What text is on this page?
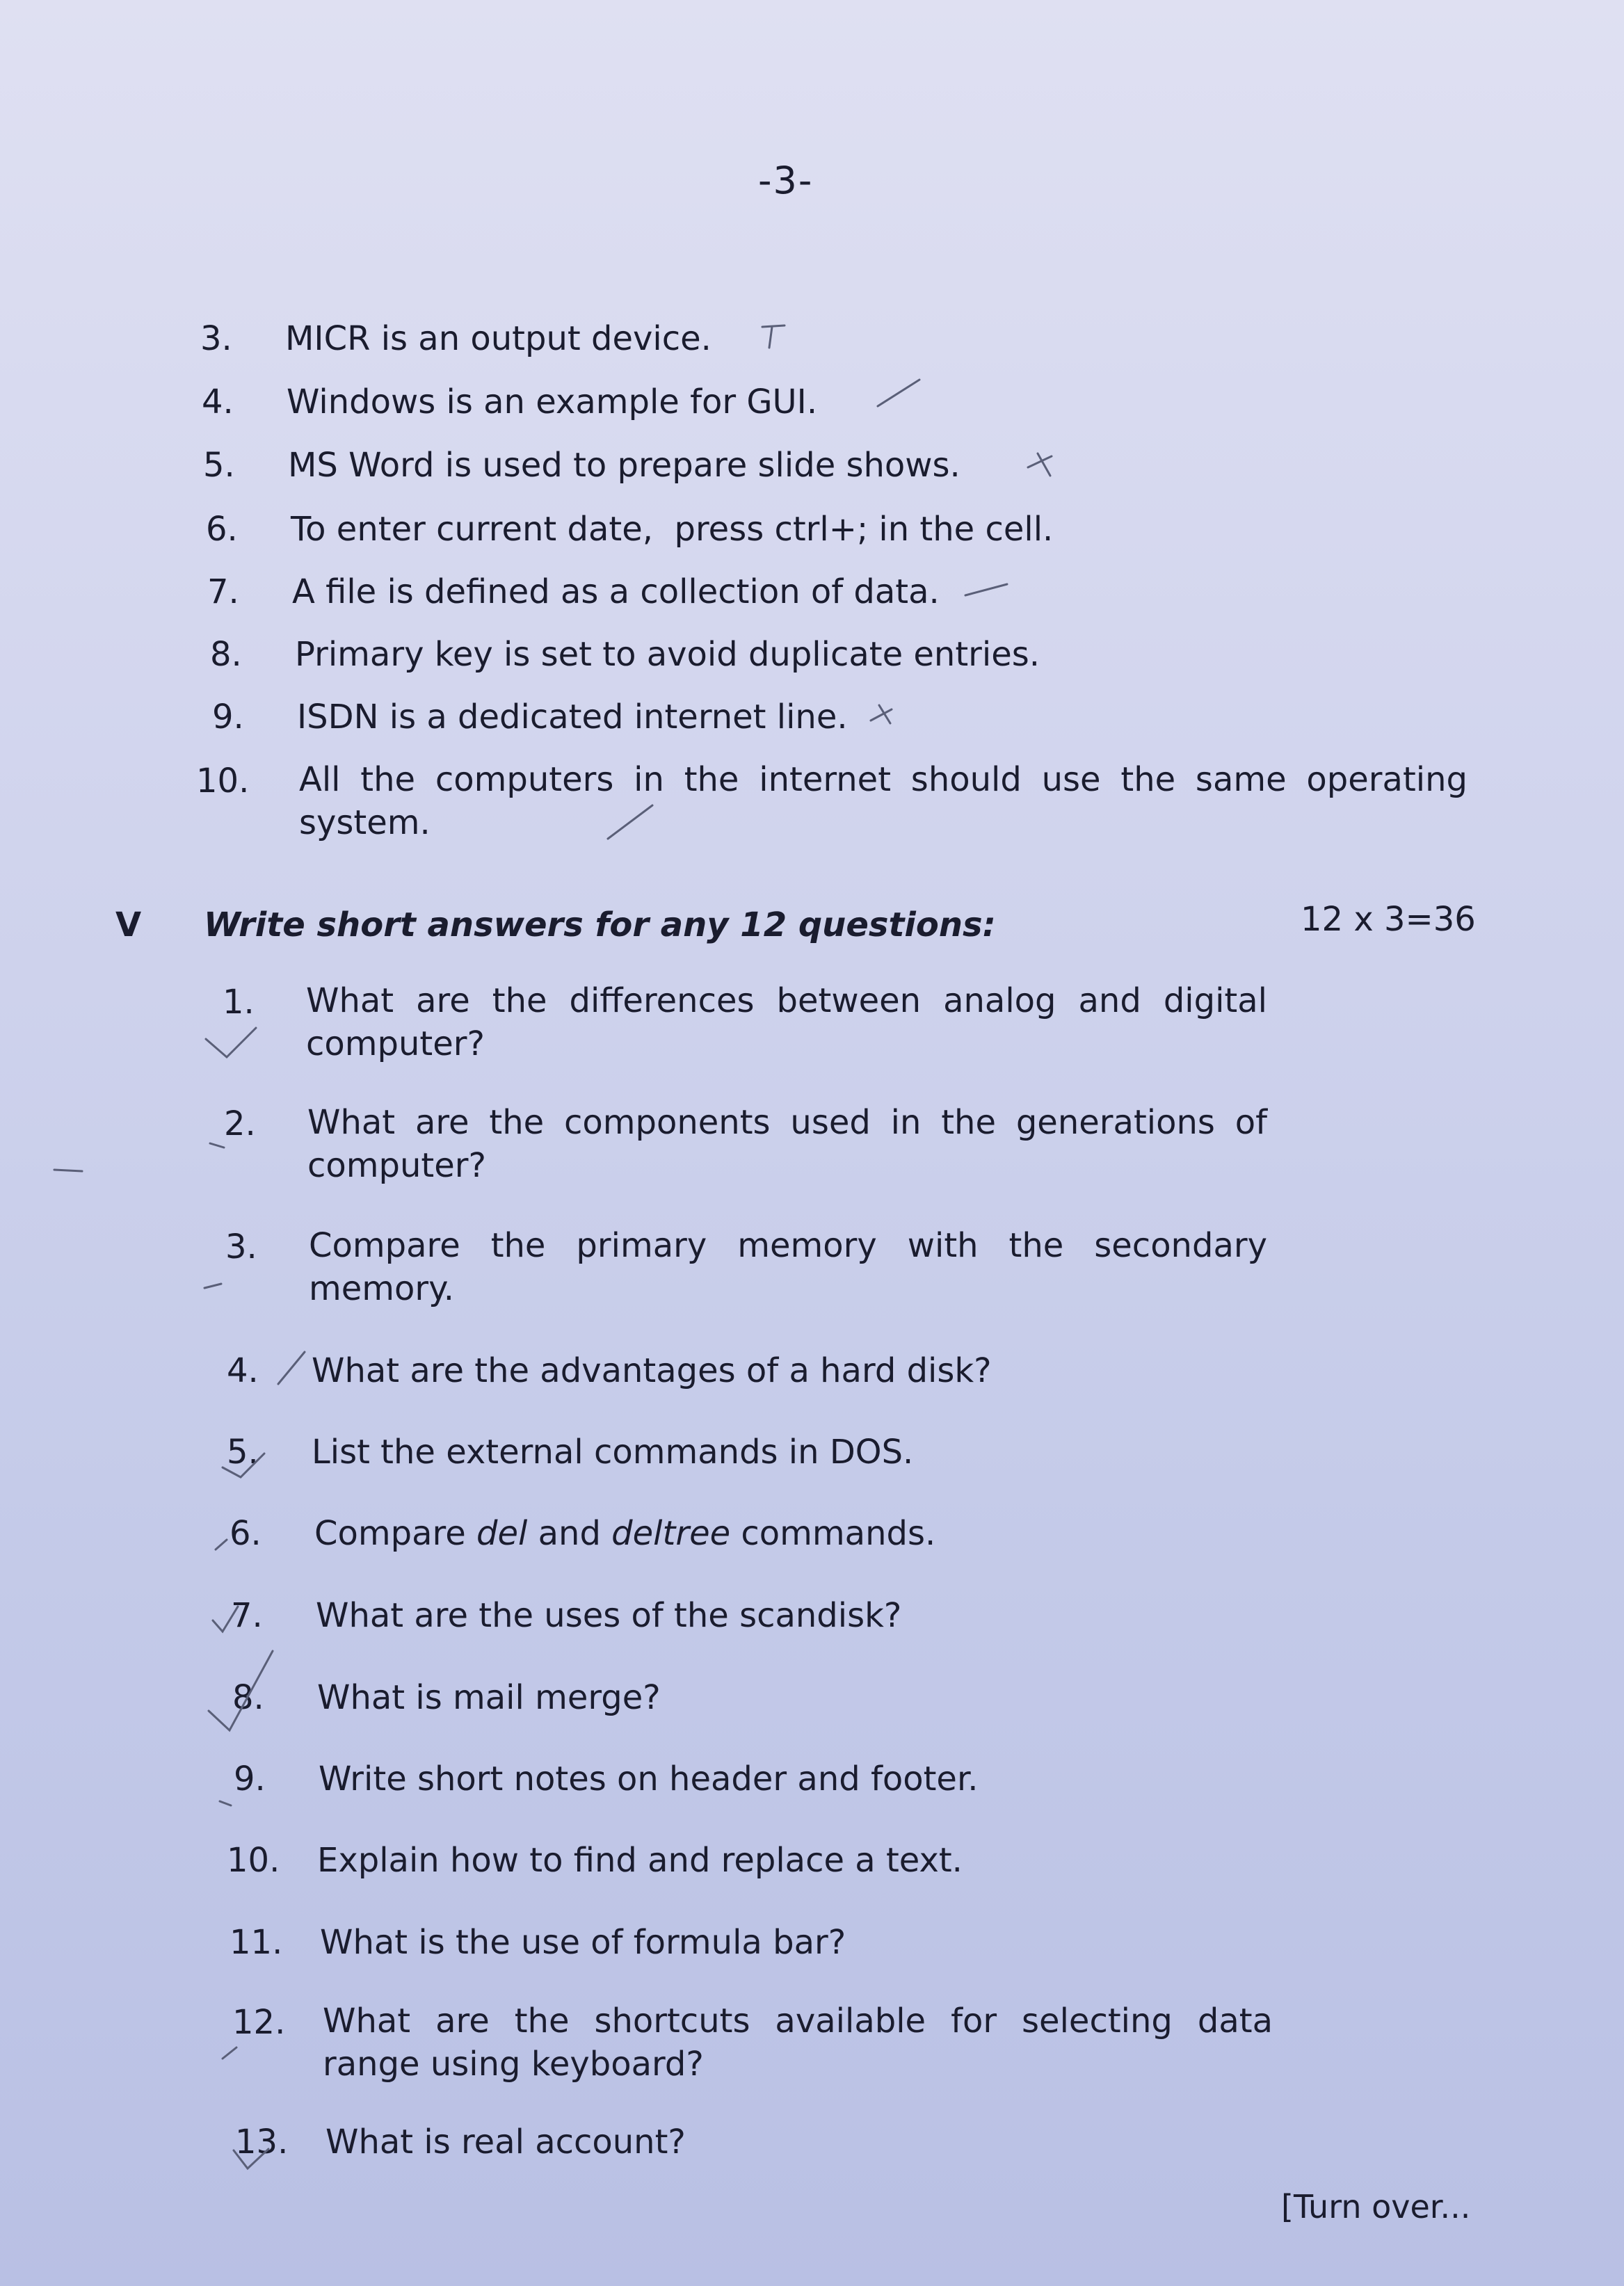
-3-
3. MICR is an output device.
4. Windows is an example for GUI.
5. MS Word is used to prepare slide shows.
6. To enter current date,  press ctrl+; in the cell.
7. A file is defined as a collection of data.
8. Primary key is set to avoid duplicate entries.
9. ISDN is a dedicated internet line.
10. All the computers in the internet should use the same operating system.
V Write short answers for any 12 questions:	12 x 3=36
1. What are the differences between analog and digital computer?
2. What are the components used in the generations of computer?
3. Compare the primary memory with the secondary memory.
4. What are the advantages of a hard disk?
5. List the external commands in DOS.
6. Compare del and deltree commands.
7. What are the uses of the scandisk?
8. What is mail merge?
9. Write short notes on header and footer.
10. Explain how to find and replace a text.
11. What is the use of formula bar?
12. What are the shortcuts available for selecting data range using keyboard?
13. What is real account?
[Turn over...
